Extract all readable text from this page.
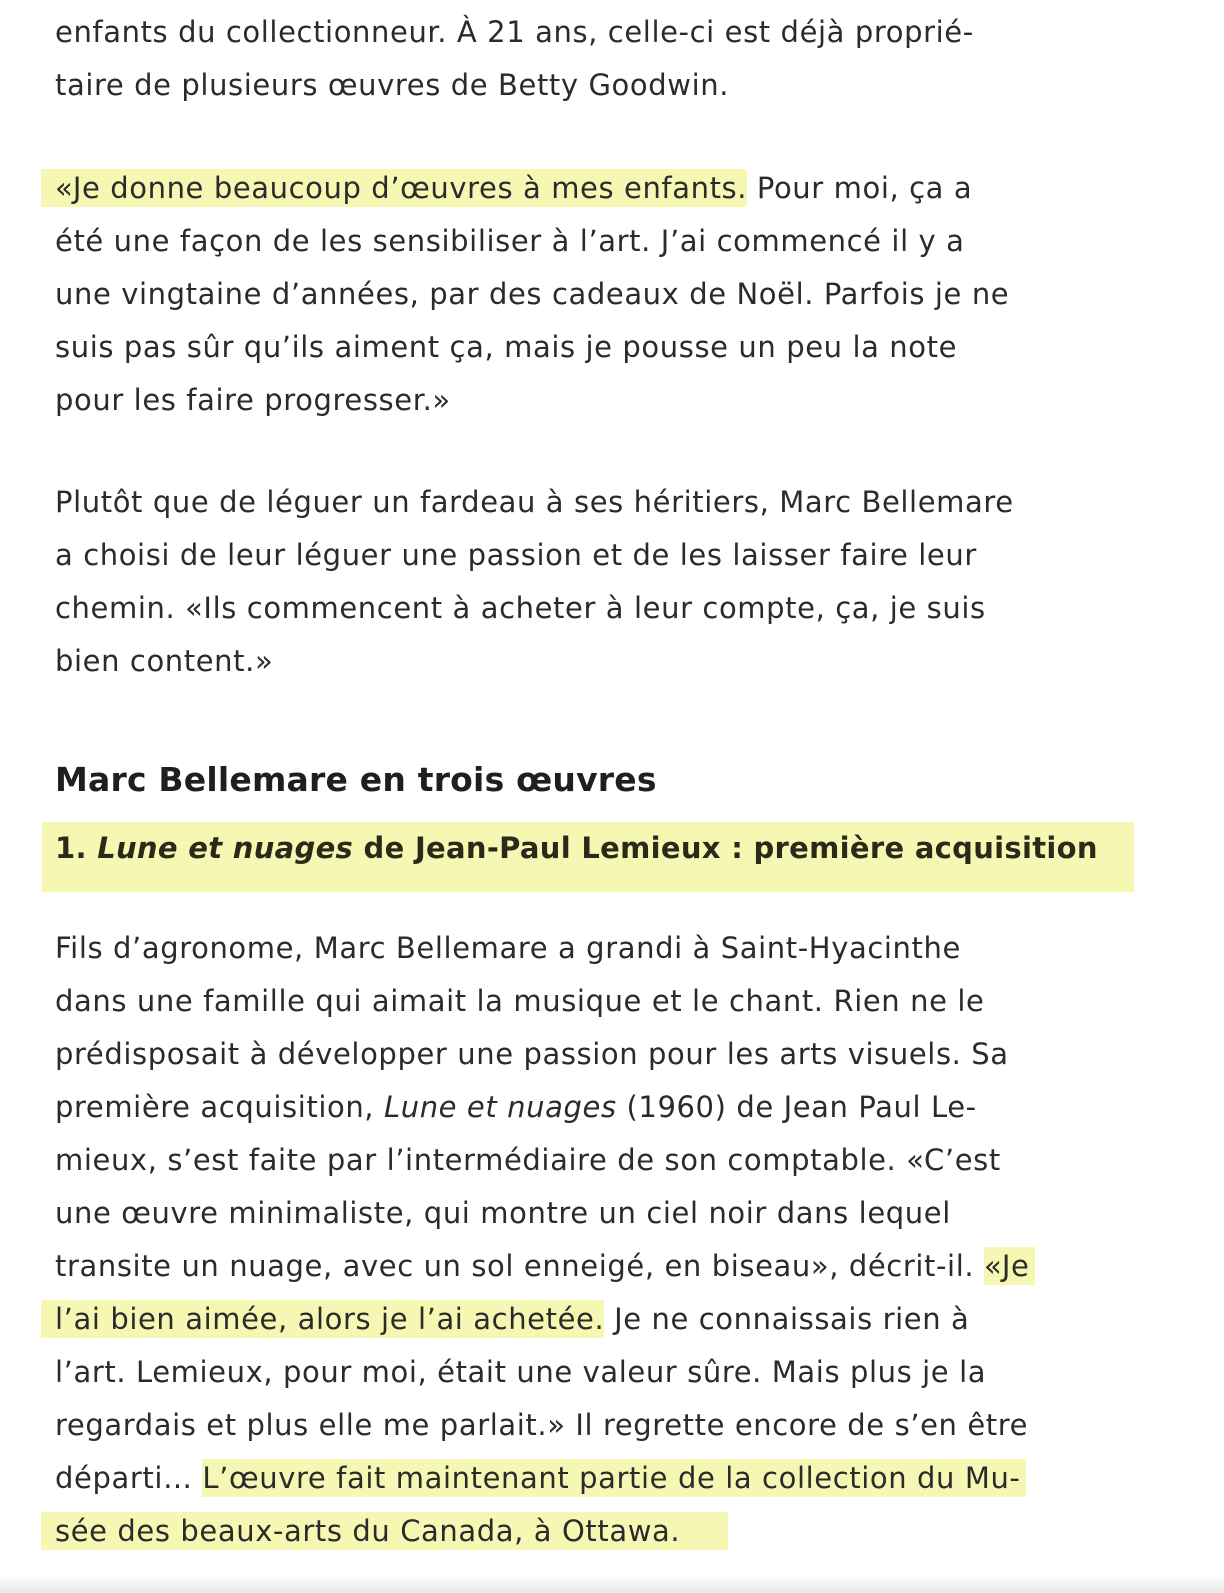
enfants du collectionneur. À 21 ans, celle-ci est déjà proprié-
taire de plusieurs œuvres de Betty Goodwin.
«Je donne beaucoup d’œuvres à mes enfants. Pour moi, ça a
été une façon de les sensibiliser à l’art. J’ai commencé il y a
une vingtaine d’années, par des cadeaux de Noël. Parfois je ne
suis pas sûr qu’ils aiment ça, mais je pousse un peu la note
pour les faire progresser.»
Plutôt que de léguer un fardeau à ses héritiers, Marc Bellemare
a choisi de leur léguer une passion et de les laisser faire leur
chemin. «Ils commencent à acheter à leur compte, ça, je suis
bien content.»
Marc Bellemare en trois œuvres
1. Lune et nuages de Jean-Paul Lemieux : première acquisition
Fils d’agronome, Marc Bellemare a grandi à Saint-Hyacinthe
dans une famille qui aimait la musique et le chant. Rien ne le
prédisposait à développer une passion pour les arts visuels. Sa
première acquisition, Lune et nuages (1960) de Jean Paul Le-
mieux, s’est faite par l’intermédiaire de son comptable. «C’est
une œuvre minimaliste, qui montre un ciel noir dans lequel
transite un nuage, avec un sol enneigé, en biseau», décrit-il. «Je
l’ai bien aimée, alors je l’ai achetée. Je ne connaissais rien à
l’art. Lemieux, pour moi, était une valeur sûre. Mais plus je la
regardais et plus elle me parlait.» Il regrette encore de s’en être
départi… L’œuvre fait maintenant partie de la collection du Mu-
sée des beaux-arts du Canada, à Ottawa.
